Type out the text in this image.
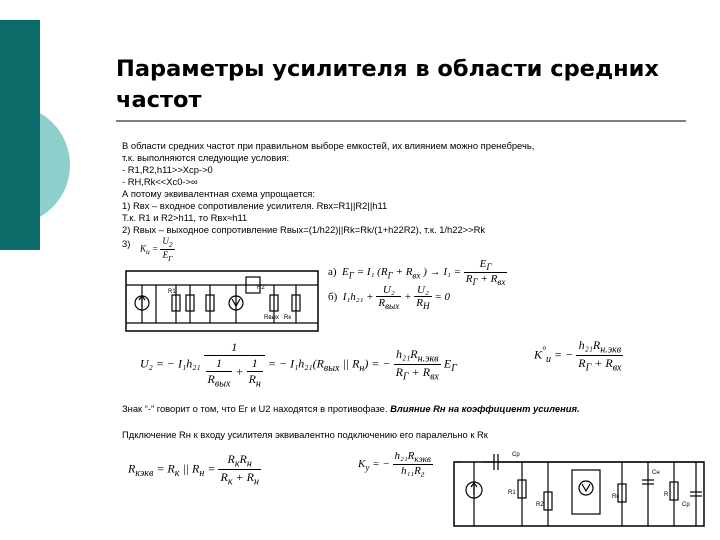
Параметры усилителя в области средних частот
В области средних частот при правильном выборе емкостей, их влиянием можно пренебречь,
т.к. выполняются следующие условия:
- R1,R2,h11>>Xср->0
- RН,Rk<<Xc0->∞
А потому эквивалентная схема упрощается:
1) Rвх – входное сопротивление усилителя. Rвх=R1||R2||h11
Т.к. R1 и R2>h11, то Rвх≈h11
2) Rвых – выходное сопротивление Rвых=(1/h22)||Rk=Rk/(1+h22R2), т.к. 1/h22>>Rk
3) $K_u = \frac{U_2}{E_Г}$
R1
R2
Rвых Rк
а) $E_Г = I_1$ ($R_Г + R_{вх}$ ) → $I_1 = \frac{E_Г}{R_Г + R_{вх}}$
б) $I_1h_{21} + \frac{\text{U₂}}{R_{вых}} + \frac{\text{U₂}}{R_Н} = 0$
U₂ = − $I_1h_{21} \frac{1}{\frac{1}{R_{вых}} + \frac{1}{R_н}}$ = − $I_1h_{21}(R_{вых}$ || $R_н$) = − $\frac{h_{21}R_{н.экв}}{R_Г + R_{вх}} E_Г$
$K^\circ_u$ = − $\frac{h_{21}R_{н.экв}}{R_Г + R_{вх}}$
Знак “-” говорит о том, что Ег и U2 находятся в противофазе. Влияние Rн на коэффициент усиления.
Пдключение Rн к входу усилителя эквивалентно подключению его паралельно к Rк
$R_{кэкв} = R_к$ || $R_н = \frac{R_кR_н}{R_к + R_н}$	$K_у$ = − $\frac{h_{21}R_{кэкв}}{h_{11}R_г}$	Cр
R1
R2
Rк
Cн
R
Cр
